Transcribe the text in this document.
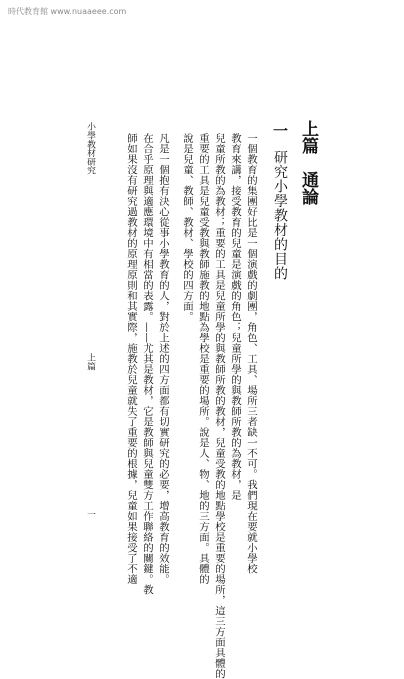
時代教育館 www.nuaaeee.com
上篇　通論
一
研究小學教材的目的
一個教育的集團好比是一個演戲的劇團，角色、工具、場所三者缺一不可。我們現在要就小學校
教育來講，接受教育的兒童是演戲的角色；兒童所學的與教師所教的為教材，是
兒童所教的為教材；重要的工具是兒童所學的與教師所教的教材，兒童受教的地點學校是重要的場所，這三方面具體的
重要的工具是兒童受教與教師施教的地點為學校是重要的場所。說是人、物、地的三方面。具體的
說是兒童、教師、教材、學校的四方面。
凡是一個抱有決心從事小學教育的人，對於上述的四方面都有切實研究的必要，增高教育的效能。
在合乎原理與適應環境中有相當的表露。——尤其是教材，它是教師與兒童雙方工作聯絡的關鍵。教
師如果沒有研究過教材的原理原則和其實際，施教於兒童就失了重要的根據，兒童如果接受了不適
小學教材研究
上篇
一
